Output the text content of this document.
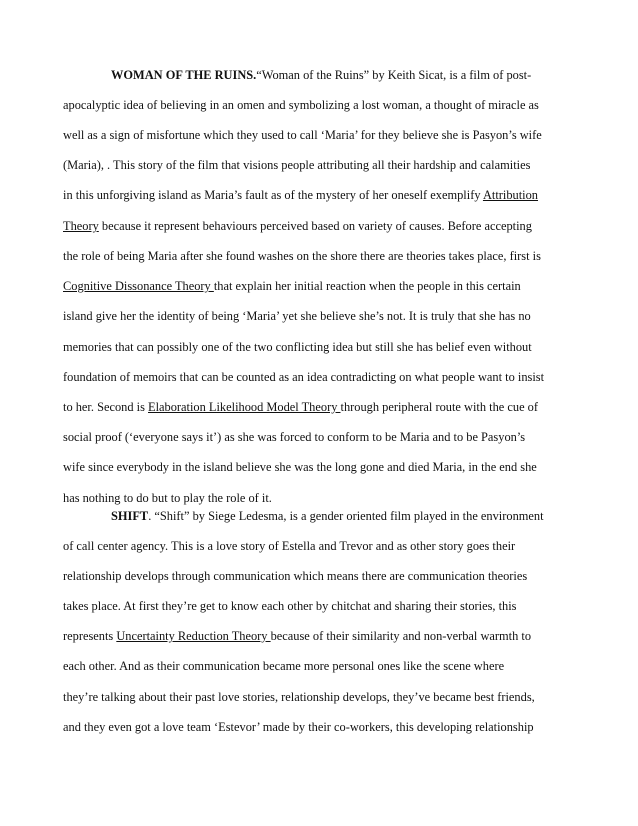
WOMAN OF THE RUINS.“Woman of the Ruins” by Keith Sicat, is a film of post-
apocalyptic idea of believing in an omen and symbolizing a lost woman, a thought of miracle as
well as a sign of misfortune which they used to call ‘Maria’ for they believe she is Pasyon’s wife
(Maria), . This story of the film that visions people attributing all their hardship and calamities
in this unforgiving island as Maria’s fault as of the mystery of her oneself exemplify Attribution
Theory because it represent behaviours perceived based on variety of causes. Before accepting
the role of being Maria after she found washes on the shore there are theories takes place, first is
Cognitive Dissonance Theory that explain her initial reaction when the people in this certain
island give her the identity of being ‘Maria’ yet she believe she’s not. It is truly that she has no
memories that can possibly one of the two conflicting idea but still she has belief even without
foundation of memoirs that can be counted as an idea contradicting on what people want to insist
to her. Second is Elaboration Likelihood Model Theory through peripheral route with the cue of
social proof (‘everyone says it’) as she was forced to conform to be Maria and to be Pasyon’s
wife since everybody in the island believe she was the long gone and died Maria, in the end she
has nothing to do but to play the role of it.
SHIFT. “Shift” by Siege Ledesma, is a gender oriented film played in the environment
of call center agency. This is a love story of Estella and Trevor and as other story goes their
relationship develops through communication which means there are communication theories
takes place. At first they’re get to know each other by chitchat and sharing their stories, this
represents Uncertainty Reduction Theory because of their similarity and non-verbal warmth to
each other. And as their communication became more personal ones like the scene where
they’re talking about their past love stories, relationship develops, they’ve became best friends,
and they even got a love team ‘Estevor’ made by their co-workers, this developing relationship
